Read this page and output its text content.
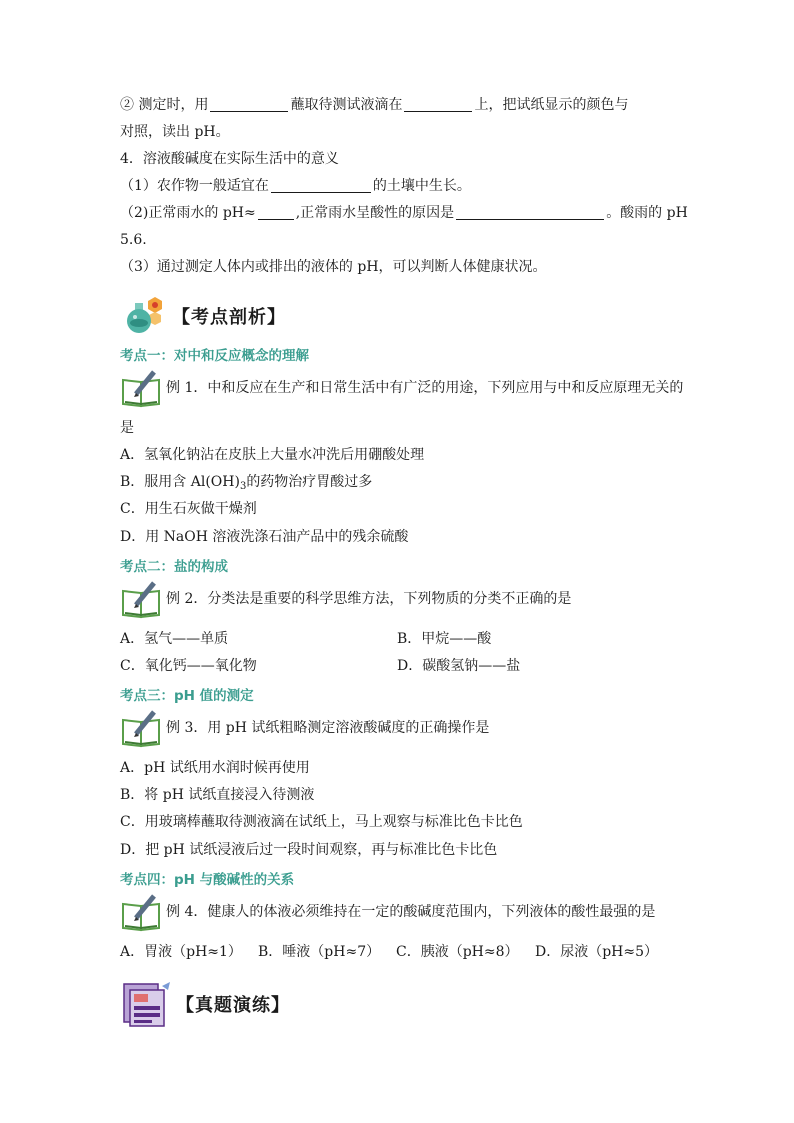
② 测定时，用	蘸取待测试液滴在	上，把试纸显示的颜色与
对照，读出 pH。
4．溶液酸碱度在实际生活中的意义
（1）农作物一般适宜在	的土壤中生长。
（2)正常雨水的 pH≈	,正常雨水呈酸性的原因是	。酸雨的 pH
5.6.
（3）通过测定人体内或排出的液体的 pH，可以判断人体健康状况。
【考点剖析】
考点一：对中和反应概念的理解
例 1．中和反应在生产和日常生活中有广泛的用途，下列应用与中和反应原理无关的
是
A．氢氧化钠沾在皮肤上大量水冲洗后用硼酸处理
B．服用含 $Al(OH)_3$的药物治疗胃酸过多
C．用生石灰做干燥剂
D．用 NaOH 溶液洗涤石油产品中的残余硫酸
考点二：盐的构成
例 2．分类法是重要的科学思维方法，下列物质的分类不正确的是
A．氢气——单质	B．甲烷——酸
C．氧化钙——氧化物	D．碳酸氢钠——盐
考点三：pH 值的测定
例 3．用 pH 试纸粗略测定溶液酸碱度的正确操作是
A．pH 试纸用水润时候再使用
B．将 pH 试纸直接浸入待测液
C．用玻璃棒蘸取待测液滴在试纸上，马上观察与标准比色卡比色
D．把 pH 试纸浸液后过一段时间观察，再与标准比色卡比色
考点四：pH 与酸碱性的关系
例 4．健康人的体液必须维持在一定的酸碱度范围内，下列液体的酸性最强的是
A．胃液（pH≈1） B．唾液（pH≈7） C．胰液（pH≈8） D．尿液（pH≈5）
【真题演练】
